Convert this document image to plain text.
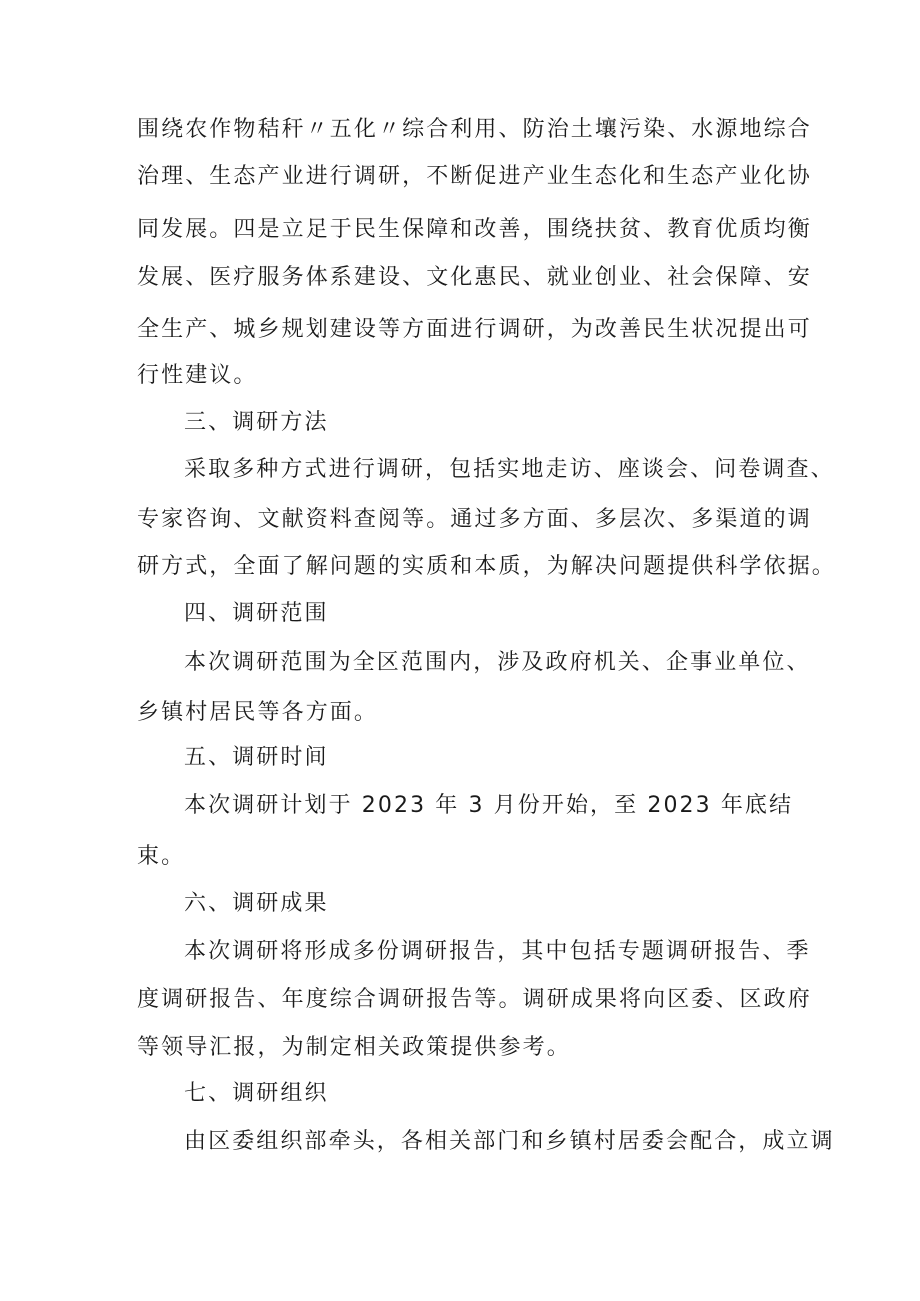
围绕农作物秸秆〃五化〃综合利用、防治土壤污染、水源地综合
治理、生态产业进行调研，不断促进产业生态化和生态产业化协
同发展。四是立足于民生保障和改善，围绕扶贫、教育优质均衡
发展、医疗服务体系建设、文化惠民、就业创业、社会保障、安
全生产、城乡规划建设等方面进行调研，为改善民生状况提出可
行性建议。
三、调研方法
采取多种方式进行调研，包括实地走访、座谈会、问卷调查、
专家咨询、文献资料查阅等。通过多方面、多层次、多渠道的调
研方式，全面了解问题的实质和本质，为解决问题提供科学依据。
四、调研范围
本次调研范围为全区范围内，涉及政府机关、企事业单位、
乡镇村居民等各方面。
五、调研时间
本次调研计划于 2023 年 3 月份开始，至 2023 年底结
束。
六、调研成果
本次调研将形成多份调研报告，其中包括专题调研报告、季
度调研报告、年度综合调研报告等。调研成果将向区委、区政府
等领导汇报，为制定相关政策提供参考。
七、调研组织
由区委组织部牵头，各相关部门和乡镇村居委会配合，成立调
